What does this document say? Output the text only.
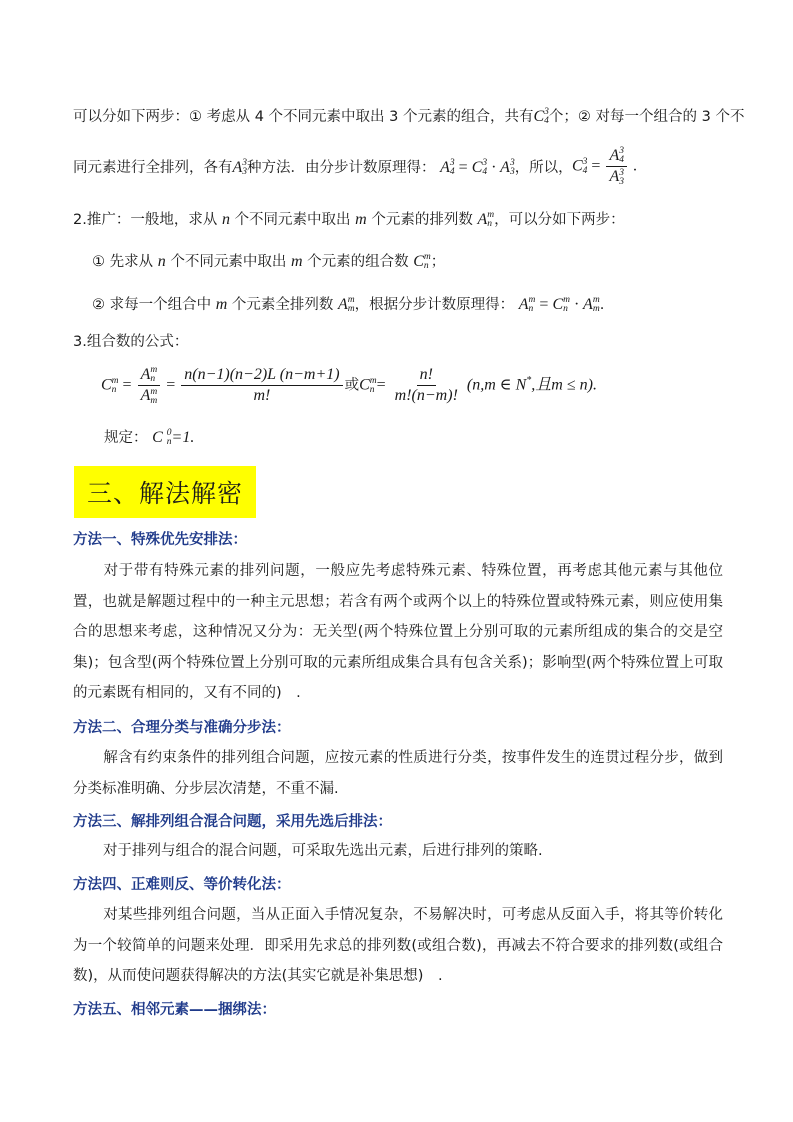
可以分如下两步：① 考虑从 4 个不同元素中取出 3 个元素的组合，共有C 3
4 个；② 对每一个组合的 3 个不
同元素进行全排列，各有A 3
3 种方法．由分步计数原理得： A 3
4 = C 3
4 · A 3
3 ，所以， C 3
4 = A 3
4
A 3
3 .
2.推广：一般地，求从 n 个不同元素中取出 m 个元素的排列数 A m
n ，可以分如下两步：
① 先求从 n 个不同元素中取出 m 个元素的组合数 C m
n ；
② 求每一个组合中 m 个元素全排列数 A m
m ，根据分步计数原理得： A m
n = C m
n · A m
m .
3.组合数的公式：
C m
n = A m
n
A m
$m = \frac{n(n-1)(n-2)L (n-m+1)}{m!}$ 或C m
$n = \frac{n!}{m!(n-m)!} (n,m$ ∈ N*,且m ≤ n).
规定： C 0
n =1.
三、解法解密
方法一、特殊优先安排法：
对于带有特殊元素的排列问题，一般应先考虑特殊元素、特殊位置，再考虑其他元素与其他位置，也就是解题过程中的一种主元思想；若含有两个或两个以上的特殊位置或特殊元素，则应使用集合的思想来考虑，这种情况又分为：无关型(两个特殊位置上分别可取的元素所组成的集合的交是空集)；包含型(两个特殊位置上分别可取的元素所组成集合具有包含关系)；影响型(两个特殊位置上可取的元素既有相同的，又有不同的)　.
方法二、合理分类与准确分步法：
解含有约束条件的排列组合问题，应按元素的性质进行分类，按事件发生的连贯过程分步，做到分类标准明确、分步层次清楚，不重不漏.
方法三、解排列组合混合问题，采用先选后排法：
对于排列与组合的混合问题，可采取先选出元素，后进行排列的策略.
方法四、正难则反、等价转化法：
对某些排列组合问题，当从正面入手情况复杂，不易解决时，可考虑从反面入手，将其等价转化为一个较简单的问题来处理．即采用先求总的排列数(或组合数)，再减去不符合要求的排列数(或组合数)，从而使问题获得解决的方法(其实它就是补集思想)　.
方法五、相邻元素——捆绑法：
